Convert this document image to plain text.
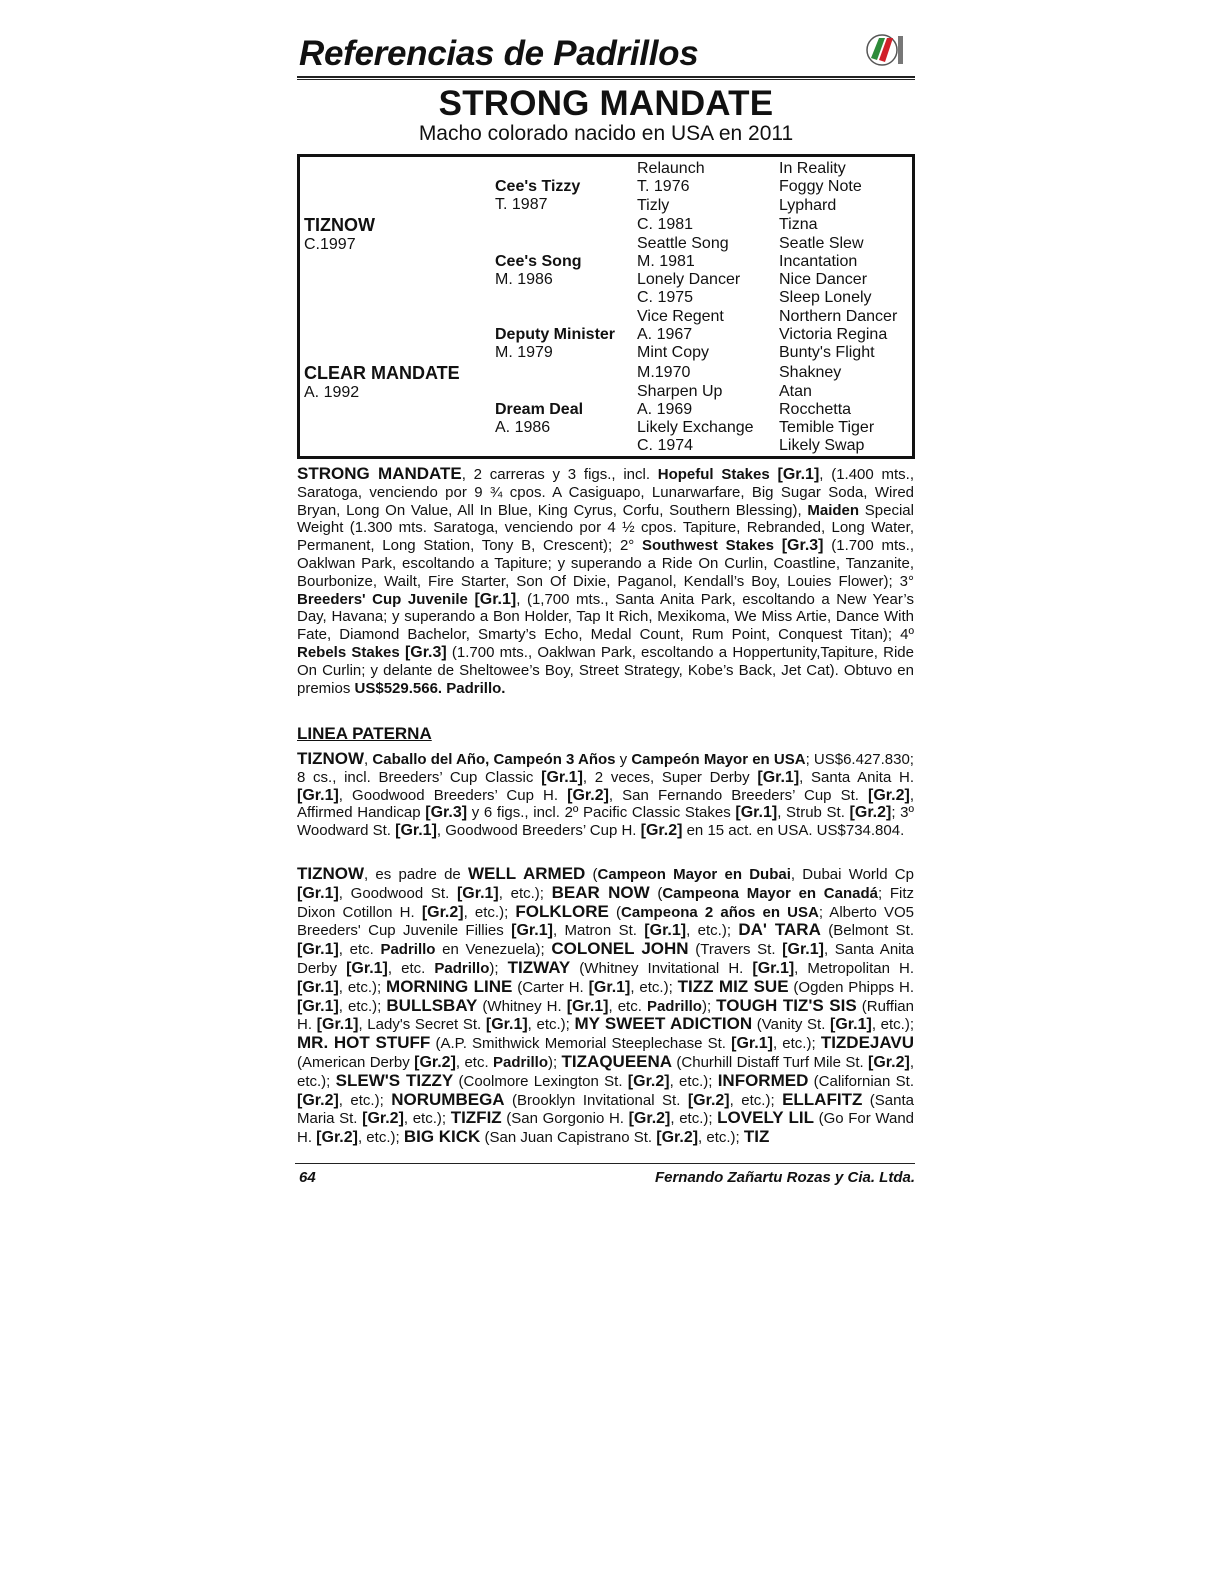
Referencias de Padrillos
STRONG MANDATE
Macho colorado nacido en USA en 2011
TIZNOW
C.1997
CLEAR MANDATE
A. 1992
Cee's Tizzy
T. 1987
Cee's Song
M. 1986
Deputy Minister
M. 1979
Dream Deal
A. 1986
Relaunch
T. 1976
Tizly
C. 1981
Seattle Song
M. 1981
Lonely Dancer
C. 1975
Vice Regent
A. 1967
Mint Copy
M.1970
Sharpen Up
A. 1969
Likely Exchange
C. 1974
In Reality
Foggy Note
Lyphard
Tizna
Seatle Slew
Incantation
Nice Dancer
Sleep Lonely
Northern Dancer
Victoria Regina
Bunty's Flight
Shakney
Atan
Rocchetta
Temible Tiger
Likely Swap
STRONG MANDATE, 2 carreras y 3 figs., incl. Hopeful Stakes [Gr.1], (1.400 mts., Saratoga, venciendo por 9 ¾ cpos. A Casiguapo, Lunarwarfare, Big Sugar Soda, Wired Bryan, Long On Value, All In Blue, King Cyrus, Corfu, Southern Blessing), Maiden Special Weight (1.300 mts. Saratoga, venciendo por 4 ½ cpos. Tapiture, Rebranded, Long Water, Permanent, Long Station, Tony B, Crescent); 2° Southwest Stakes [Gr.3] (1.700 mts., Oaklwan Park, escoltando a Tapiture; y superando a Ride On Curlin, Coastline, Tanzanite, Bourbonize, Wailt, Fire Starter, Son Of Dixie, Paganol, Kendall’s Boy, Louies Flower); 3° Breeders' Cup Juvenile [Gr.1], (1,700 mts., Santa Anita Park, escoltando a New Year’s Day, Havana; y superando a Bon Holder, Tap It Rich, Mexikoma, We Miss Artie, Dance With Fate, Diamond Bachelor, Smarty’s Echo, Medal Count, Rum Point, Conquest Titan); 4º Rebels Stakes [Gr.3] (1.700 mts., Oaklwan Park, escoltando a Hoppertunity,Tapiture, Ride On Curlin; y delante de Sheltowee’s Boy, Street Strategy, Kobe’s Back, Jet Cat). Obtuvo en premios US$529.566. Padrillo.
LINEA PATERNA
TIZNOW, Caballo del Año, Campeón 3 Años y Campeón Mayor en USA; US$6.427.830; 8 cs., incl. Breeders’ Cup Classic [Gr.1], 2 veces, Super Derby [Gr.1], Santa Anita H. [Gr.1], Goodwood Breeders’ Cup H. [Gr.2], San Fernando Breeders’ Cup St. [Gr.2], Affirmed Handicap [Gr.3] y 6 figs., incl. 2º Pacific Classic Stakes [Gr.1], Strub St. [Gr.2]; 3º Woodward St. [Gr.1], Goodwood Breeders’ Cup H. [Gr.2] en 15 act. en USA. US$734.804.
TIZNOW, es padre de WELL ARMED (Campeon Mayor en Dubai, Dubai World Cp [Gr.1], Goodwood St. [Gr.1], etc.); BEAR NOW (Campeona Mayor en Canadá; Fitz Dixon Cotillon H. [Gr.2], etc.); FOLKLORE (Campeona 2 años en USA; Alberto VO5 Breeders' Cup Juvenile Fillies [Gr.1], Matron St. [Gr.1], etc.); DA' TARA (Belmont St. [Gr.1], etc. Padrillo en Venezuela); COLONEL JOHN (Travers St. [Gr.1], Santa Anita Derby [Gr.1], etc. Padrillo); TIZWAY (Whitney Invitational H. [Gr.1], Metropolitan H. [Gr.1], etc.); MORNING LINE (Carter H. [Gr.1], etc.); TIZZ MIZ SUE (Ogden Phipps H. [Gr.1], etc.); BULLSBAY (Whitney H. [Gr.1], etc. Padrillo); TOUGH TIZ'S SIS (Ruffian H. [Gr.1], Lady's Secret St. [Gr.1], etc.); MY SWEET ADICTION (Vanity St. [Gr.1], etc.); MR. HOT STUFF (A.P. Smithwick Memorial Steeplechase St. [Gr.1], etc.); TIZDEJAVU (American Derby [Gr.2], etc. Padrillo); TIZAQUEENA (Churhill Distaff Turf Mile St. [Gr.2], etc.); SLEW'S TIZZY (Coolmore Lexington St. [Gr.2], etc.); INFORMED (Californian St. [Gr.2], etc.); NORUMBEGA (Brooklyn Invitational St. [Gr.2], etc.); ELLAFITZ (Santa Maria St. [Gr.2], etc.); TIZFIZ (San Gorgonio H. [Gr.2], etc.); LOVELY LIL (Go For Wand H. [Gr.2], etc.); BIG KICK (San Juan Capistrano St. [Gr.2], etc.); TIZ
64	Fernando Zañartu Rozas y Cia. Ltda.
